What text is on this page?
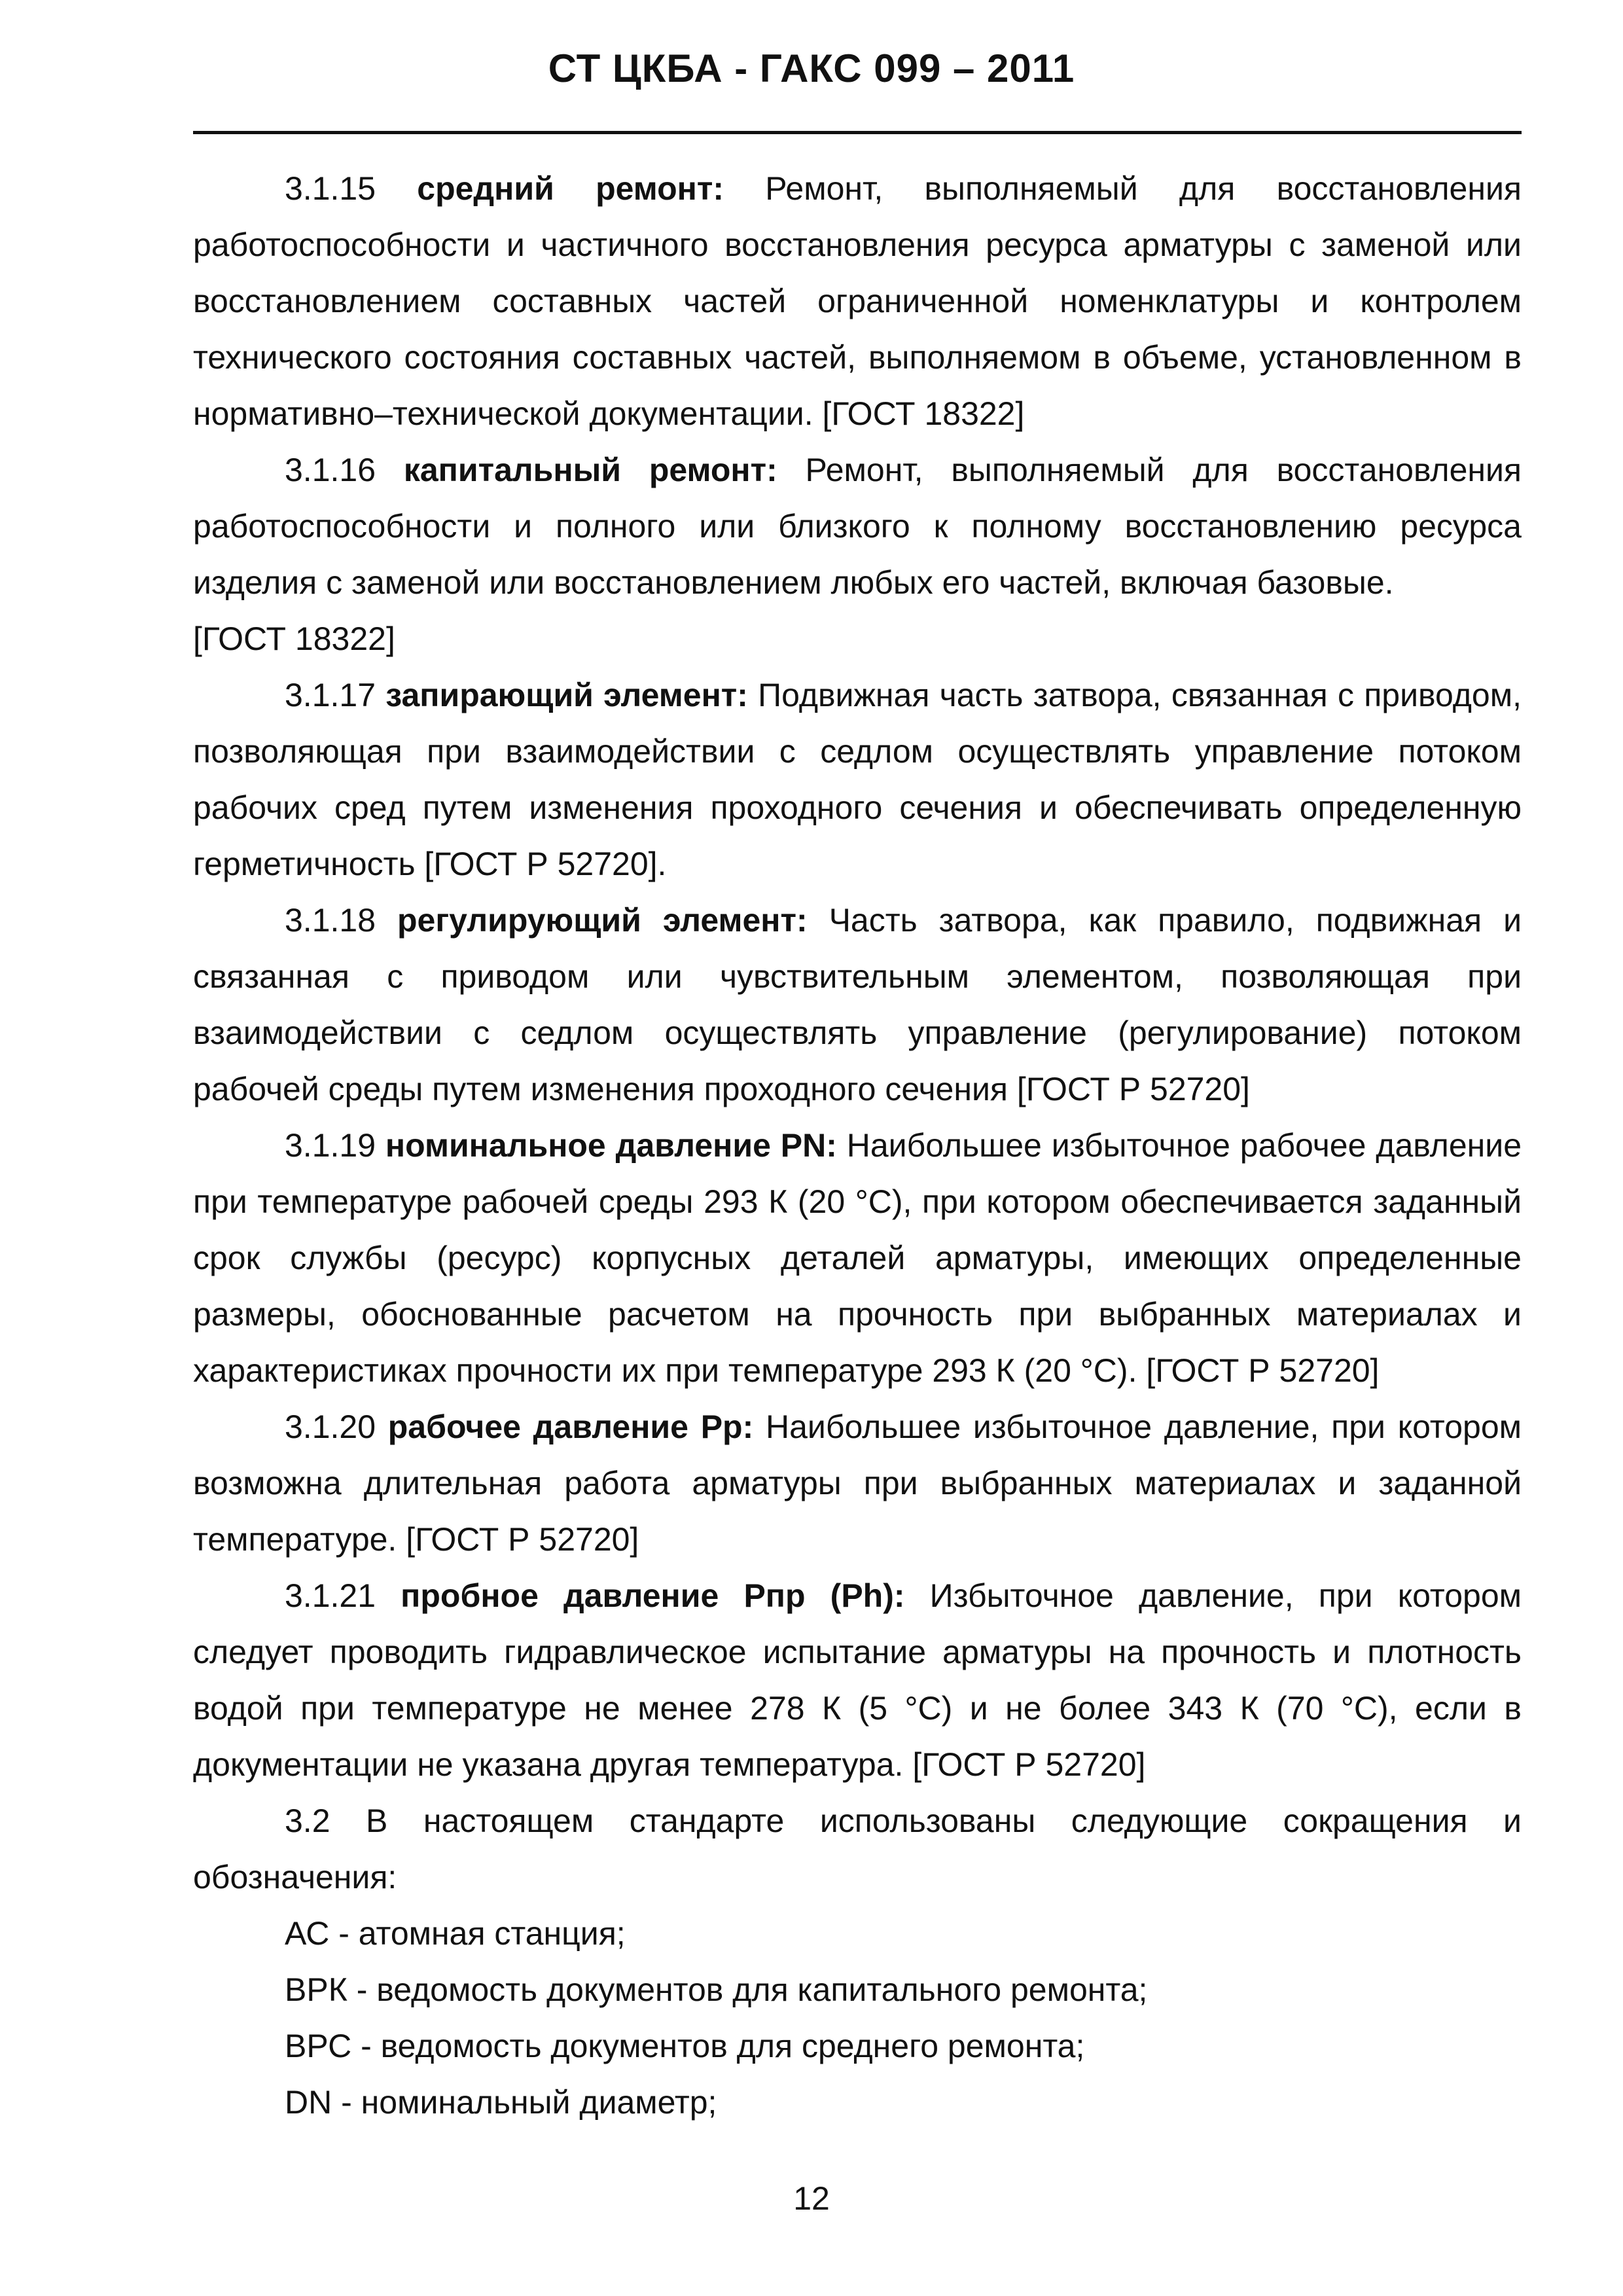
СТ ЦКБА - ГАКС 099 – 2011

3.1.15 средний ремонт: Ремонт, выполняемый для восстановления работоспособности и частичного восстановления ресурса арматуры с заменой или восстановлением составных частей ограниченной номенклатуры и контролем технического состояния составных частей, выполняемом в объеме, установленном в нормативно–технической документации. [ГОСТ 18322]

3.1.16 капитальный ремонт: Ремонт, выполняемый для восстановления работоспособности и полного или близкого к полному восстановлению ресурса изделия с заменой или восстановлением любых его частей, включая базовые.

[ГОСТ 18322]

3.1.17 запирающий элемент: Подвижная часть затвора, связанная с приводом, позволяющая при взаимодействии с седлом осуществлять управление потоком рабочих сред путем изменения проходного сечения и обеспечивать определенную герметичность [ГОСТ Р 52720].

3.1.18 регулирующий элемент: Часть затвора, как правило, подвижная и связанная с приводом или чувствительным элементом, позволяющая при взаимодействии с седлом осуществлять управление (регулирование) потоком рабочей среды путем изменения проходного сечения [ГОСТ Р 52720]

3.1.19 номинальное давление PN: Наибольшее избыточное рабочее давление при температуре рабочей среды 293 К (20 °С), при котором обеспечивается заданный срок службы (ресурс) корпусных деталей арматуры, имеющих определенные размеры, обоснованные расчетом на прочность при выбранных материалах и характеристиках прочности их при температуре 293 К (20 °С). [ГОСТ Р 52720]

3.1.20 рабочее давление Рр: Наибольшее избыточное давление, при котором возможна длительная работа арматуры при выбранных материалах и заданной температуре. [ГОСТ Р 52720]

3.1.21 пробное давление Рпр (Ph): Избыточное давление, при котором следует проводить гидравлическое испытание арматуры на прочность и плотность водой при температуре не менее 278 К (5 °С) и не более 343 К (70 °С), если в документации не указана другая температура. [ГОСТ Р 52720]

3.2 В настоящем стандарте использованы следующие сокращения и обозначения:

АС - атомная станция;
ВРК - ведомость документов для капитального ремонта;
ВРС - ведомость документов для среднего ремонта;
DN - номинальный диаметр;
12
